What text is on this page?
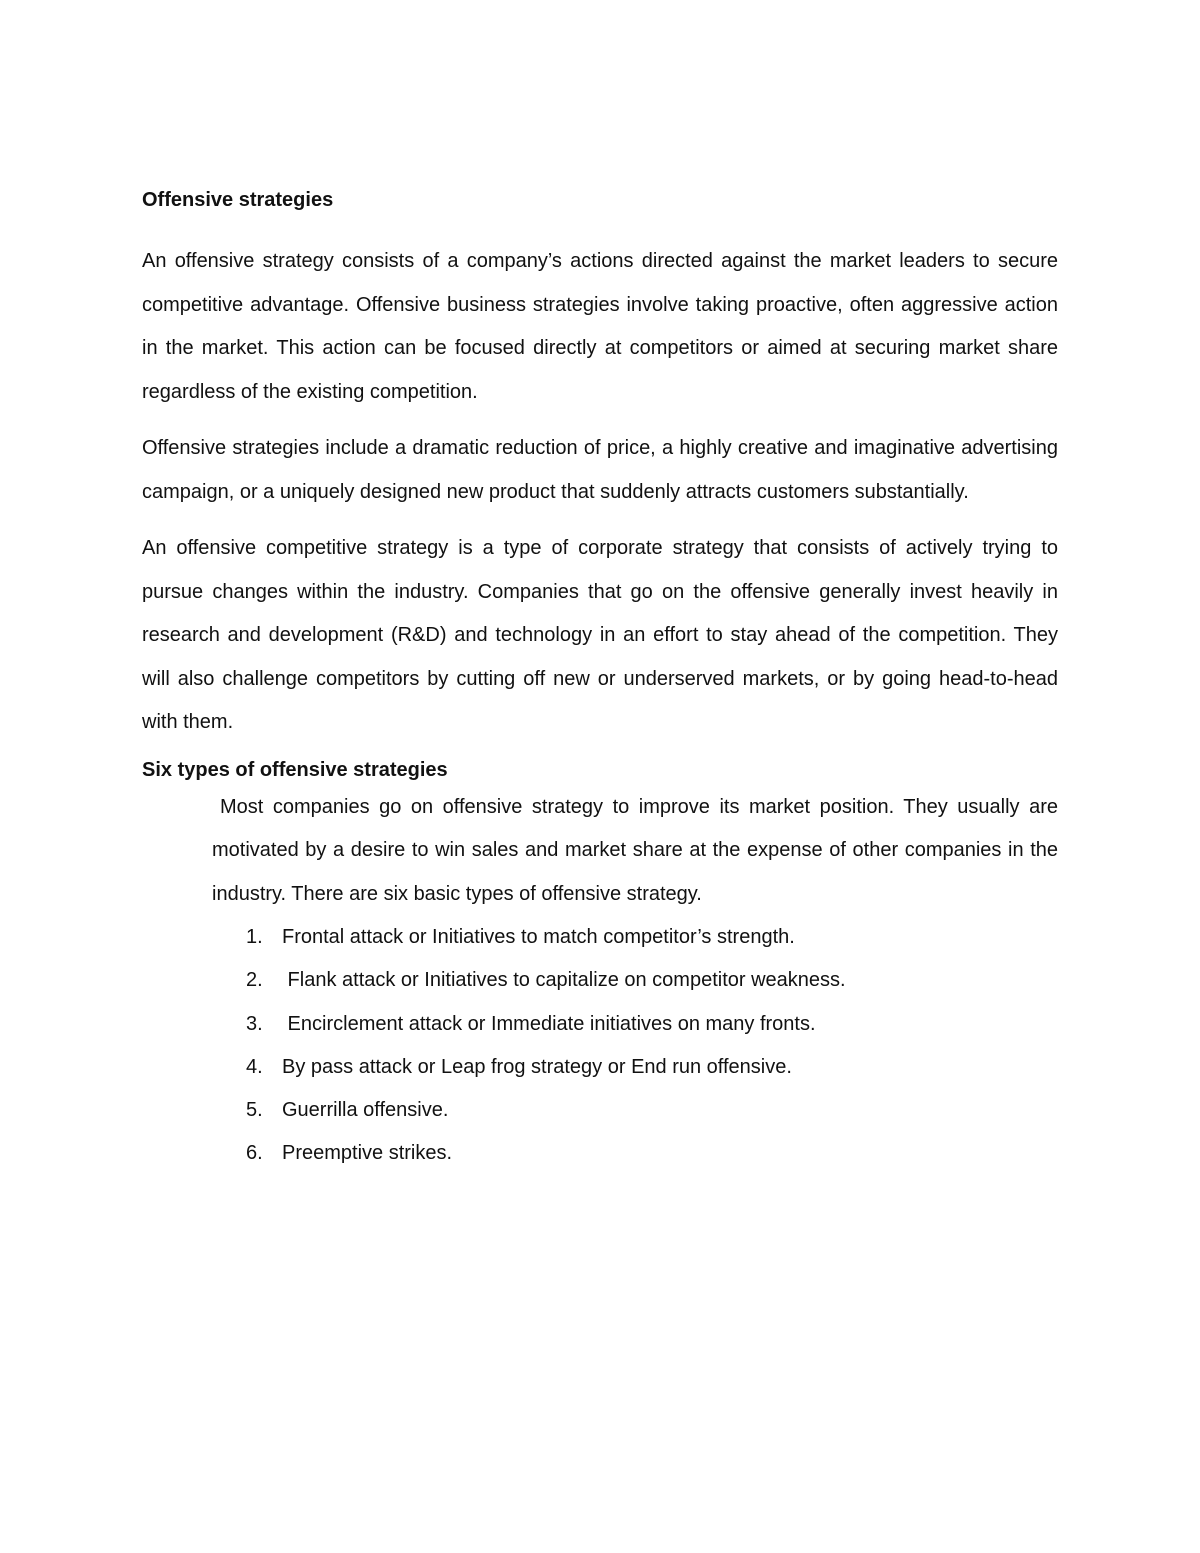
Offensive strategies

An offensive strategy consists of a company’s actions directed against the market leaders to secure competitive advantage. Offensive business strategies involve taking proactive, often aggressive action in the market. This action can be focused directly at competitors or aimed at securing market share regardless of the existing competition.

Offensive strategies include a dramatic reduction of price, a highly creative and imaginative advertising campaign, or a uniquely designed new product that suddenly attracts customers substantially.

An offensive competitive strategy is a type of corporate strategy that consists of actively trying to pursue changes within the industry. Companies that go on the offensive generally invest heavily in research and development (R&D) and technology in an effort to stay ahead of the competition. They will also challenge competitors by cutting off new or underserved markets, or by going head-to-head with them.

Six types of offensive strategies

Most companies go on offensive strategy to improve its market position. They usually are motivated by a desire to win sales and market share at the expense of other companies in the industry. There are six basic types of offensive strategy.

1. Frontal attack or Initiatives to match competitor’s strength.
2. Flank attack or Initiatives to capitalize on competitor weakness.
3. Encirclement attack or Immediate initiatives on many fronts.
4. By pass attack or Leap frog strategy or End run offensive.
5. Guerrilla offensive.
6. Preemptive strikes.
